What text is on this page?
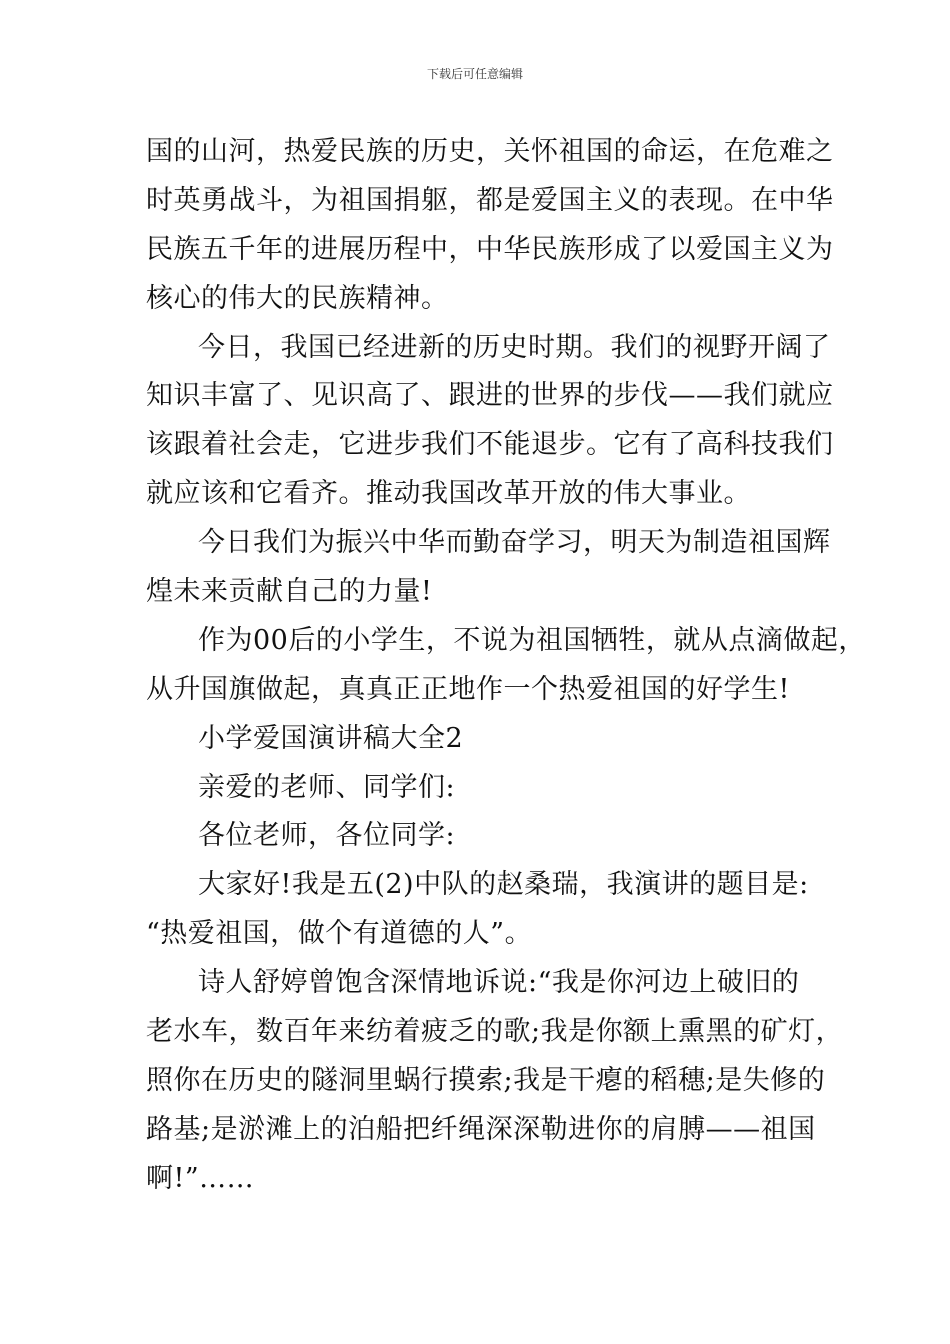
下载后可任意编辑
国的山河，热爱民族的历史，关怀祖国的命运，在危难之
时英勇战斗，为祖国捐躯，都是爱国主义的表现。在中华
民族五千年的进展历程中，中华民族形成了以爱国主义为
核心的伟大的民族精神。
今日，我国已经进新的历史时期。我们的视野开阔了
知识丰富了、见识高了、跟进的世界的步伐——我们就应
该跟着社会走，它进步我们不能退步。它有了高科技我们
就应该和它看齐。推动我国改革开放的伟大事业。
今日我们为振兴中华而勤奋学习，明天为制造祖国辉
煌未来贡献自己的力量!
作为00后的小学生，不说为祖国牺牲，就从点滴做起，
从升国旗做起，真真正正地作一个热爱祖国的好学生!
小学爱国演讲稿大全2
亲爱的老师、同学们:
各位老师，各位同学:
大家好!我是五(2)中队的赵桑瑞，我演讲的题目是:
“热爱祖国，做个有道德的人”。
诗人舒婷曾饱含深情地诉说:“我是你河边上破旧的
老水车，数百年来纺着疲乏的歌;我是你额上熏黑的矿灯，
照你在历史的隧洞里蜗行摸索;我是干瘪的稻穗;是失修的
路基;是淤滩上的泊船把纤绳深深勒进你的肩膊——祖国
啊!”……
